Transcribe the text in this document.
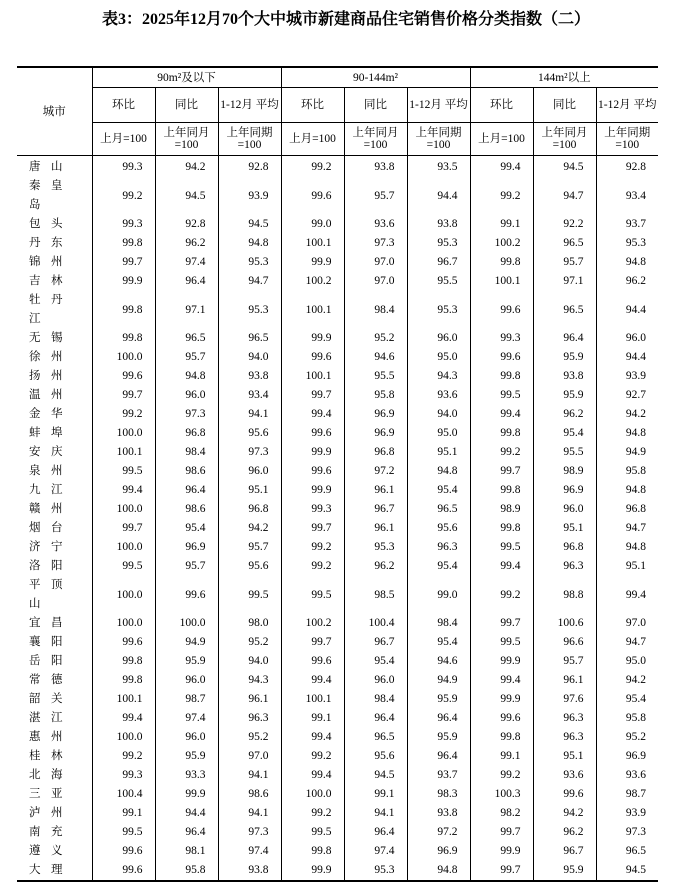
表3：2025年12月70个大中城市新建商品住宅销售价格分类指数（二）
城市	90m²及以下			90-144m²			144m²以上		
	环比	同比	1-12月 平均	环比	同比	1-12月 平均	环比	同比	1-12月 平均
	上月=100	上年同月 =100	上年同期 =100	上月=100	上年同月 =100	上年同期 =100	上月=100	上年同月 =100	上年同期 =100
唐山	99.3	94.2	92.8	99.2	93.8	93.5	99.4	94.5	92.8
秦皇岛	99.2	94.5	93.9	99.6	95.7	94.4	99.2	94.7	93.4
包头	99.3	92.8	94.5	99.0	93.6	93.8	99.1	92.2	93.7
丹东	99.8	96.2	94.8	100.1	97.3	95.3	100.2	96.5	95.3
锦州	99.7	97.4	95.3	99.9	97.0	96.7	99.8	95.7	94.8
吉林	99.9	96.4	94.7	100.2	97.0	95.5	100.1	97.1	96.2
牡丹江	99.8	97.1	95.3	100.1	98.4	95.3	99.6	96.5	94.4
无锡	99.8	96.5	96.5	99.9	95.2	96.0	99.3	96.4	96.0
徐州	100.0	95.7	94.0	99.6	94.6	95.0	99.6	95.9	94.4
扬州	99.6	94.8	93.8	100.1	95.5	94.3	99.8	93.8	93.9
温州	99.7	96.0	93.4	99.7	95.8	93.6	99.5	95.9	92.7
金华	99.2	97.3	94.1	99.4	96.9	94.0	99.4	96.2	94.2
蚌埠	100.0	96.8	95.6	99.6	96.9	95.0	99.8	95.4	94.8
安庆	100.1	98.4	97.3	99.9	96.8	95.1	99.2	95.5	94.9
泉州	99.5	98.6	96.0	99.6	97.2	94.8	99.7	98.9	95.8
九江	99.4	96.4	95.1	99.9	96.1	95.4	99.8	96.9	94.8
赣州	100.0	98.6	96.8	99.3	96.7	96.5	98.9	96.0	96.8
烟台	99.7	95.4	94.2	99.7	96.1	95.6	99.8	95.1	94.7
济宁	100.0	96.9	95.7	99.2	95.3	96.3	99.5	96.8	94.8
洛阳	99.5	95.7	95.6	99.2	96.2	95.4	99.4	96.3	95.1
平顶山	100.0	99.6	99.5	99.5	98.5	99.0	99.2	98.8	99.4
宜昌	100.0	100.0	98.0	100.2	100.4	98.4	99.7	100.6	97.0
襄阳	99.6	94.9	95.2	99.7	96.7	95.4	99.5	96.6	94.7
岳阳	99.8	95.9	94.0	99.6	95.4	94.6	99.9	95.7	95.0
常德	99.8	96.0	94.3	99.4	96.0	94.9	99.4	96.1	94.2
韶关	100.1	98.7	96.1	100.1	98.4	95.9	99.9	97.6	95.4
湛江	99.4	97.4	96.3	99.1	96.4	96.4	99.6	96.3	95.8
惠州	100.0	96.0	95.2	99.4	96.5	95.9	99.8	96.3	95.2
桂林	99.2	95.9	97.0	99.2	95.6	96.4	99.1	95.1	96.9
北海	99.3	93.3	94.1	99.4	94.5	93.7	99.2	93.6	93.6
三亚	100.4	99.9	98.6	100.0	99.1	98.3	100.3	99.6	98.7
泸州	99.1	94.4	94.1	99.2	94.1	93.8	98.2	94.2	93.9
南充	99.5	96.4	97.3	99.5	96.4	97.2	99.7	96.2	97.3
遵义	99.6	98.1	97.4	99.8	97.4	96.9	99.9	96.7	96.5
大理	99.6	95.8	93.8	99.9	95.3	94.8	99.7	95.9	94.5
